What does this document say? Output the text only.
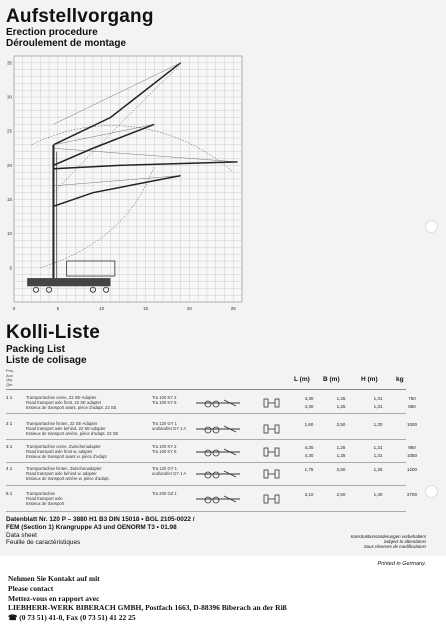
Aufstellvorgang
Erection procedure
Déroulement de montage
0	5	10	15	20	25
5
10
15
20
25
30
35
Kolli-Liste
Packing List
Liste de colisage
Pos.
Anz
Qty
Qté
L (m) B (m)	H (m)	kg
1 1	Transportachse vorne, 22 SE-Adapter
Road transport axle front, 22 SE adapter
Essieux de transport avant, pièce d'adapt. 22 SE
Tra 100 KY 2
Tra 100 KY 6
4,30	1,25	1,31	750
4,30	1,25	1,31	860
2 1	Transportachse hinten, 22 SE-Adapter
Road transport axle behind, 22 SE-adapter
Essieux de transport arrière, pièce d'adapt. 22 SE
Tra 120 GY 1
und/and/et GY 1 A
1,60	2,50	1,20	1000
3 1	Transportachse vorne, Zwischenadapter
Road transport axle front w. adapter
Essieux de transport avant w. pièce d'adapt
Tra 100 KY 2
Tra 100 KY 6
4,30	1,25	1,31	950
4,30	1,25	1,31	1050
4 1	Transportachse hinten, Zwischenadapter
Road transport axle behind w. adapter
Essieux de transport arrière w. pièce d'adapt.
Tra 120 GY 1
und/and/et GY 1 A
1,75	2,50	1,25	1200
5 1	Transportachse
Road transport axle
Essieux de transport
Tra 200 GZ 1	3,10	2,50	1,40	2700
Datenblatt Nr. 120 P – 3880 H1 B3 DIN 15018 • BGL 2105-0022 /
FEM (Section 1) Krangruppe A3 und OENORM T3 • 01.98
Data sheet
Feuille de caractéristiques
Konstruktionsänderungen vorbehalten!
Subject to alterations!
Sous réserves de modifications!
Printed in Germany.
Nehmen Sie Kontakt auf mit
Please contact
Mettez-vous en rapport avec
LIEBHERR-WERK BIBERACH GMBH, Postfach 1663, D-88396 Biberach an der Riß
☎ (0 73 51) 41-0, Fax (0 73 51) 41 22 25
